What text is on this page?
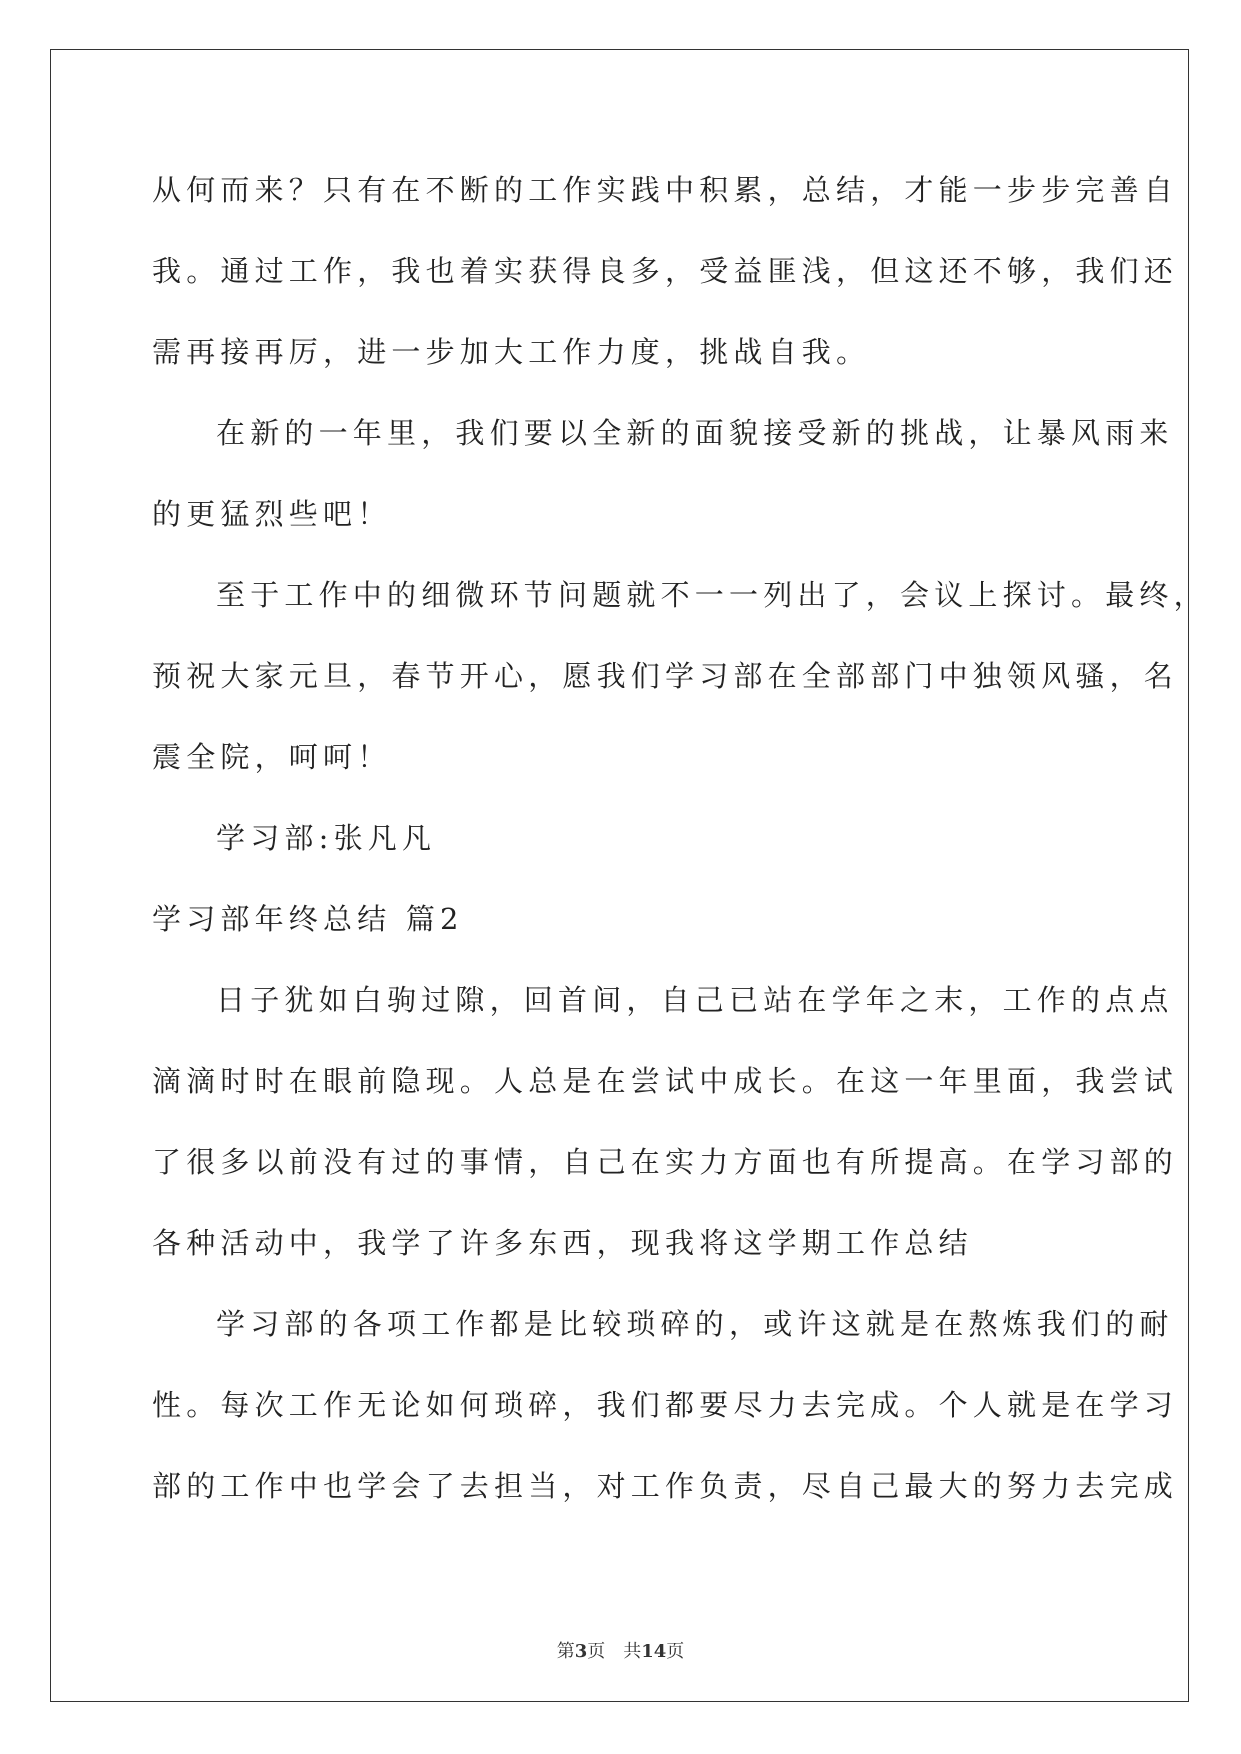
从何而来？只有在不断的工作实践中积累，总结，才能一步步完善自
我。通过工作，我也着实获得良多，受益匪浅，但这还不够，我们还
需再接再厉，进一步加大工作力度，挑战自我。
在新的一年里，我们要以全新的面貌接受新的挑战，让暴风雨来
的更猛烈些吧！
至于工作中的细微环节问题就不一一列出了，会议上探讨。最终，
预祝大家元旦，春节开心，愿我们学习部在全部部门中独领风骚，名
震全院，呵呵！
学习部:张凡凡
学习部年终总结 篇2
日子犹如白驹过隙，回首间，自己已站在学年之末，工作的点点
滴滴时时在眼前隐现。人总是在尝试中成长。在这一年里面，我尝试
了很多以前没有过的事情，自己在实力方面也有所提高。在学习部的
各种活动中，我学了许多东西，现我将这学期工作总结
学习部的各项工作都是比较琐碎的，或许这就是在熬炼我们的耐
性。每次工作无论如何琐碎，我们都要尽力去完成。个人就是在学习
部的工作中也学会了去担当，对工作负责，尽自己最大的努力去完成
第3页 共14页
